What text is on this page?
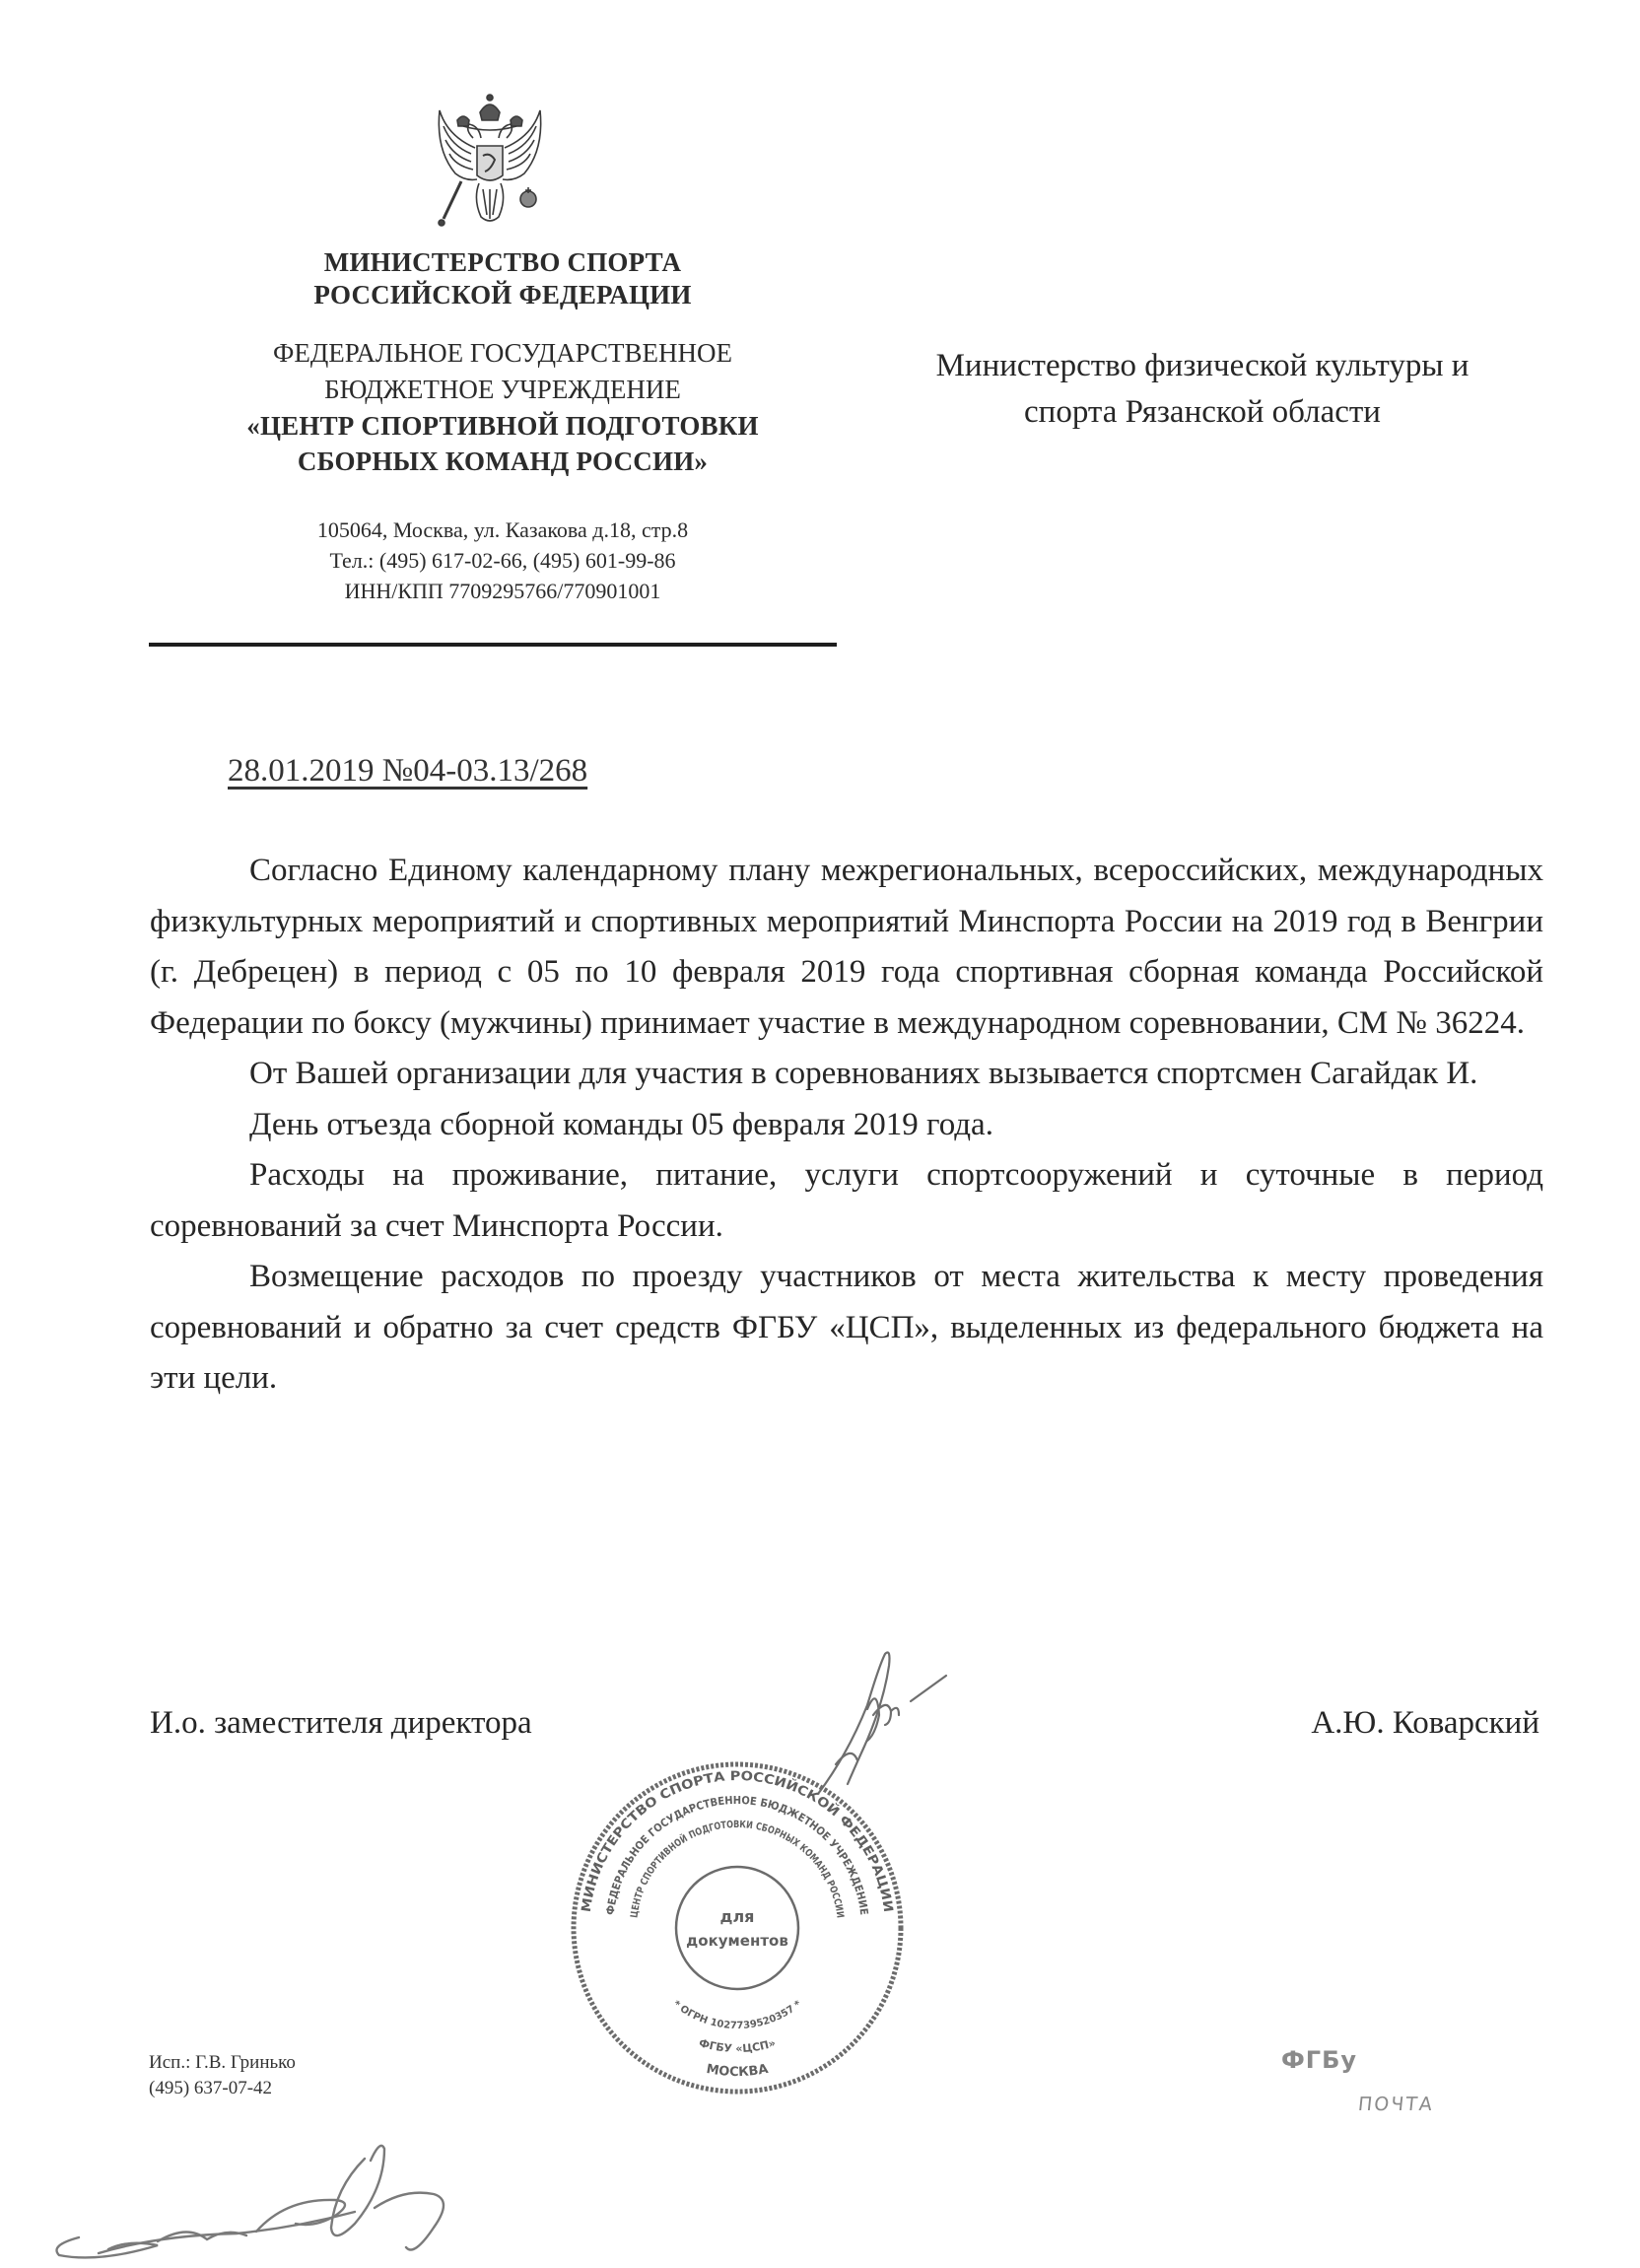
МИНИСТЕРСТВО СПОРТА
РОССИЙСКОЙ ФЕДЕРАЦИИ
ФЕДЕРАЛЬНОЕ ГОСУДАРСТВЕННОЕ
БЮДЖЕТНОЕ УЧРЕЖДЕНИЕ
«ЦЕНТР СПОРТИВНОЙ ПОДГОТОВКИ
СБОРНЫХ КОМАНД РОССИИ»
105064, Москва, ул. Казакова д.18, стр.8
Тел.: (495) 617-02-66, (495) 601-99-86
ИНН/КПП 7709295766/770901001
Министерство физической культуры и
спорта Рязанской области
28.01.2019 №04-03.13/268

Согласно Единому календарному плану межрегиональных, всероссийских, международных физкультурных мероприятий и спортивных мероприятий Минспорта России на 2019 год в Венгрии (г. Дебрецен) в период с 05 по 10 февраля 2019 года спортивная сборная команда Российской Федерации по боксу (мужчины) принимает участие в международном соревновании, СМ № 36224.

От Вашей организации для участия в соревнованиях вызывается спортсмен Сагайдак И.

День отъезда сборной команды 05 февраля 2019 года.

Расходы на проживание, питание, услуги спортсооружений и суточные в период соревнований за счет Минспорта России.

Возмещение расходов по проезду участников от места жительства к месту проведения соревнований и обратно за счет средств ФГБУ «ЦСП», выделенных из федерального бюджета на эти цели.

И.о. заместителя директора	А.Ю. Коварский
МИНИСТЕРСТВО СПОРТА РОССИЙСКОЙ ФЕДЕРАЦИИ
МОСКВА
ФЕДЕРАЛЬНОЕ ГОСУДАРСТВЕННОЕ БЮДЖЕТНОЕ УЧРЕЖДЕНИЕ
ФГБУ «ЦСП»
ЦЕНТР СПОРТИВНОЙ ПОДГОТОВКИ СБОРНЫХ КОМАНД РОССИИ
* ОГРН 1027739520357 *
для
документов
Исп.: Г.В. Гринько
(495) 637-07-42
ФГБу
ПОЧТА
